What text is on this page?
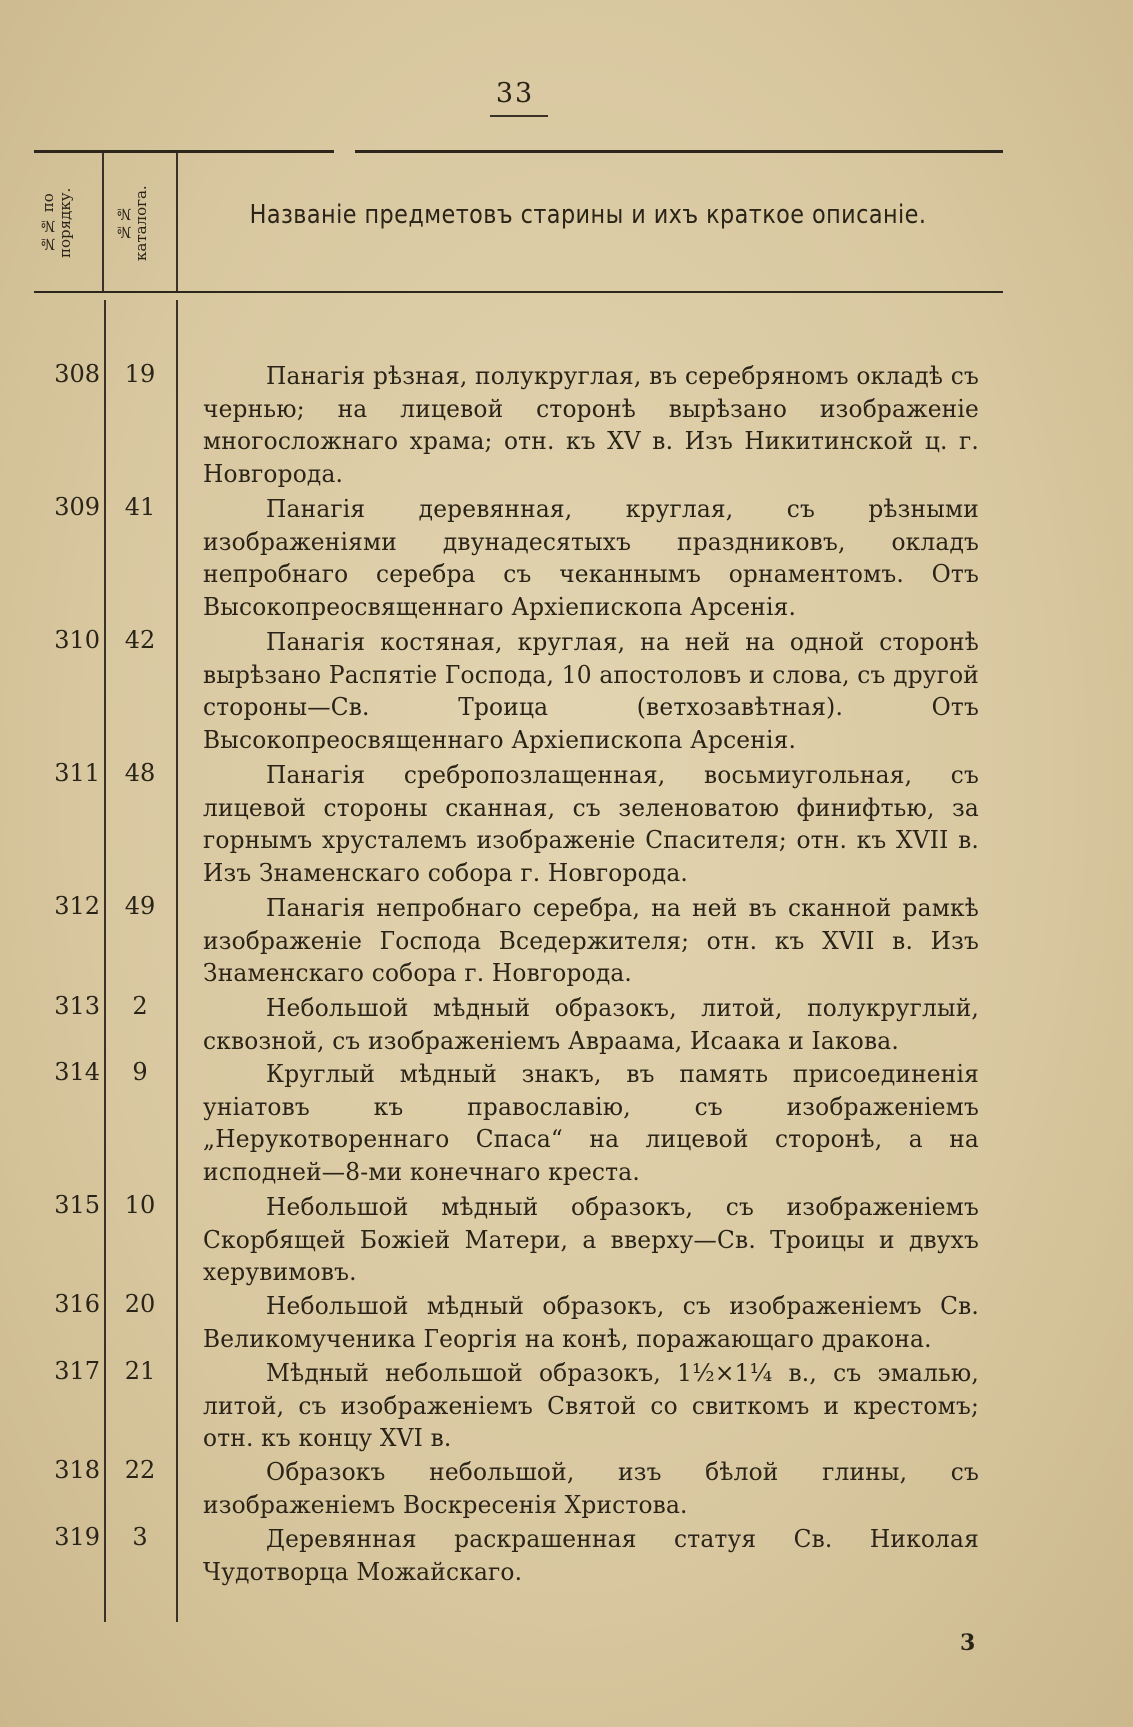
33
№№ по порядку.	№№ каталога.	Названiе предметовъ старины и ихъ краткое описанiе.
308	19	Панагiя рѣзная, полукруглая, въ серебряномъ окладѣ съ чернью; на лицевой сторонѣ вырѣзано изображенiе многосложнаго храма; отн. къ XV в. Изъ Никитинской ц. г. Новгорода.
309	41	Панагiя деревянная, круглая, съ рѣзными изображенiями двунадесятыхъ праздниковъ, окладъ непробнаго серебра съ чеканнымъ орнаментомъ. Отъ Высокопреосвященнаго Архiепископа Арсенiя.
310	42	Панагiя костяная, круглая, на ней на одной сторонѣ вырѣзано Распятiе Господа, 10 апостоловъ и слова, съ другой стороны—Св. Троица (ветхозавѣтная). Отъ Высокопреосвященнаго Архiепископа Арсенiя.
311	48	Панагiя сребропозлащенная, восьмиугольная, съ лицевой стороны сканная, съ зеленоватою финифтью, за горнымъ хрусталемъ изображенiе Спасителя; отн. къ XVII в. Изъ Знаменскаго собора г. Новгорода.
312	49	Панагiя непробнаго серебра, на ней въ сканной рамкѣ изображенiе Господа Вседержителя; отн. къ XVII в. Изъ Знаменскаго собора г. Новгорода.
313	2	Небольшой мѣдный образокъ, литой, полукруглый, сквозной, съ изображенiемъ Авраама, Исаака и Iакова.
314	9	Круглый мѣдный знакъ, въ память присоединенiя унiатовъ къ православiю, съ изображенiемъ „Нерукотвореннаго Спаса“ на лицевой сторонѣ, а на исподней—8-ми конечнаго креста.
315	10	Небольшой мѣдный образокъ, съ изображенiемъ Скорбящей Божiей Матери, а вверху—Св. Троицы и двухъ херувимовъ.
316	20	Небольшой мѣдный образокъ, съ изображенiемъ Св. Великомученика Георгiя на конѣ, поражающаго дракона.
317	21	Мѣдный небольшой образокъ, 1½×1¼ в., съ эмалью, литой, съ изображенiемъ Святой со свиткомъ и крестомъ; отн. къ концу XVI в.
318	22	Образокъ небольшой, изъ бѣлой глины, съ изображенiемъ Воскресенiя Христова.
319	3	Деревянная раскрашенная статуя Св. Николая Чудотворца Можайскаго.
3
